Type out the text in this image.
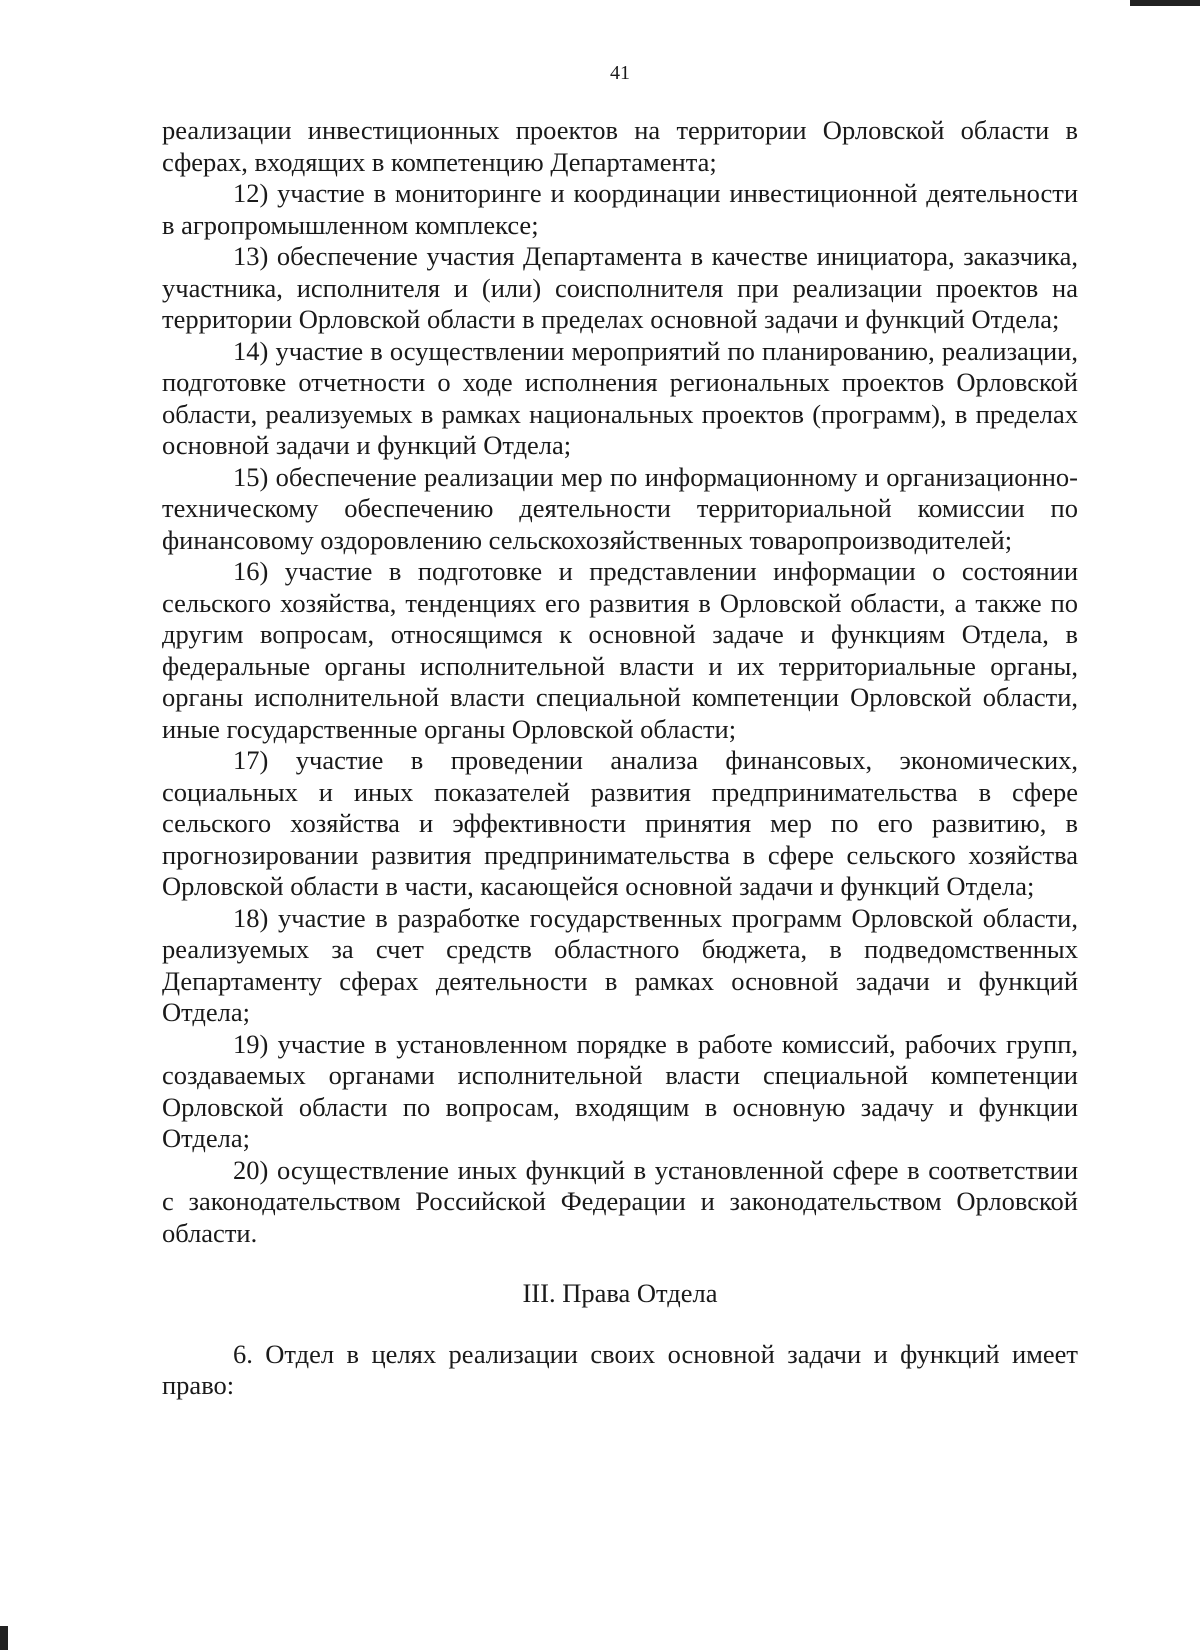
41

реализации инвестиционных проектов на территории Орловской области в сферах, входящих в компетенцию Департамента;

12) участие в мониторинге и координации инвестиционной деятельности в агропромышленном комплексе;

13) обеспечение участия Департамента в качестве инициатора, заказчика, участника, исполнителя и (или) соисполнителя при реализации проектов на территории Орловской области в пределах основной задачи и функций Отдела;

14) участие в осуществлении мероприятий по планированию, реализации, подготовке отчетности о ходе исполнения региональных проектов Орловской области, реализуемых в рамках национальных проектов (программ), в пределах основной задачи и функций Отдела;

15) обеспечение реализации мер по информационному и организационно-техническому обеспечению деятельности территориальной комиссии по финансовому оздоровлению сельскохозяйственных товаропроизводителей;

16) участие в подготовке и представлении информации о состоянии сельского хозяйства, тенденциях его развития в Орловской области, а также по другим вопросам, относящимся к основной задаче и функциям Отдела, в федеральные органы исполнительной власти и их территориальные органы, органы исполнительной власти специальной компетенции Орловской области, иные государственные органы Орловской области;

17) участие в проведении анализа финансовых, экономических, социальных и иных показателей развития предпринимательства в сфере сельского хозяйства и эффективности принятия мер по его развитию, в прогнозировании развития предпринимательства в сфере сельского хозяйства Орловской области в части, касающейся основной задачи и функций Отдела;

18) участие в разработке государственных программ Орловской области, реализуемых за счет средств областного бюджета, в подведомственных Департаменту сферах деятельности в рамках основной задачи и функций Отдела;

19) участие в установленном порядке в работе комиссий, рабочих групп, создаваемых органами исполнительной власти специальной компетенции Орловской области по вопросам, входящим в основную задачу и функции Отдела;

20) осуществление иных функций в установленной сфере в соответствии с законодательством Российской Федерации и законодательством Орловской области.

III. Права Отдела

6. Отдел в целях реализации своих основной задачи и функций имеет право:
